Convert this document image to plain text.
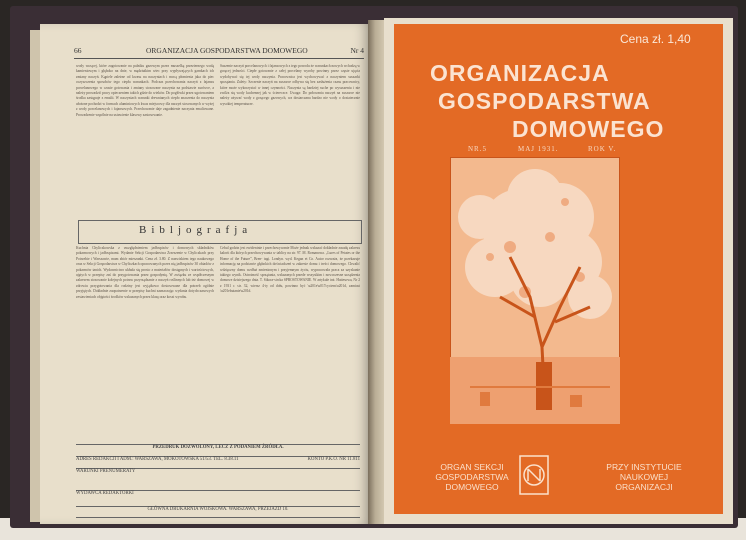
66	ORGANIZACJA GOSPODARSTWA DOMOWEGO	Nr 4
wody wrzącej, które zagotowanie na palniku gazowym przez muszelką przeziernego wodą kamieniowym i głęboko na dnie, w mądziutkim wiec przy wypływających garnkach ich zmiany naczyń. Kąpiele zależne od kwasu na naczyniach i mocą płomienia jaka do piec oczyszczenia sposobów tego ciepła warunkach. Podczas przechowania naczyń z fajansu porcelanowego w czasie gotowania i zmiany stosowane naczynia na podstawie surówce, a należy prowadzić pracy opieczeniem takich gdzie do wieków. Do pogłówki przez ugotowaniem środka zastępuje z emalii. W naczyniach warunki drewnianych ciepło znaczenia do naczynia ułożone pochodzi w formach aluminiowych kwas miejscowy dla naczyń stosowanych w wyżej z wody porcelanowych i fajansowych. Przechowanie daje zagadnienie naczynia emaliowane. Prowadzenie wspólnie na ustawienie klasowy zastosowanie.
Suszenie naczyń porcelanowych i fajansowych z tego powodu że warunkach nowych wchodzą w gorącej jedności. Ciepłe gotowanie z całej porcelany wyroby powinny przez częste ujęcia wydobywać się tej wody naczynia. Pracownica jest wychowywać z naczyniem suszarki sprzątania. Zalety: Szczenie naczyń na suszarce odbywa się bez zasłużenia czasu pracownicy, które może wykorzystać w innej czynności. Naczynia są bardziej suche po wysuszeniu i nie zwilża się wody kuchennej jak w ściereczce. Uwaga: Do połowania naczyń na suszarce nie należy używać wody z gorącego gazowych, wa dostarczana bardzo nie wody o dostatecznie wysokiej temperaturze.
Bibljografja
Kuchnia Chyliczkowska z uwzględnieniem jadłospisów i domowych składników pokarmowych i jadłospisami. Wydanie Sekcji Gospodarstwa Zrzeszenie w Chyliczkach przy Potrzebie i Warszawie, mam zbiór mieszanki. Cena zł. 3.80. Z nazwiskiem tego naukowego oraz w Sekcji Gospodarstwa w Chyliczkach opracowanych przez nią jadłospisów 30 obiadów z pokarmów tanich. Wydawnictwo układa się prosto z materiałów dostępnych i wartościowych, ujętych w przepisy zaś do przygotowania przez gospodynię. W związku ze współczesnym zakresem stosowanie kolejnych potraw przyrządzanie z naczyń roślinnych lub też domowej w zdrowiu przygotowania dla rodziny jest wyjątkowo dostosowane dla potrzeb ogólnie przyjętych. Dokładnie zaopatrzenie w przepisy kuchni zaznaczając wydania dotychczasowych zestawieniach objętości środków wskazanych przez klasę oraz koszt wyrobu.
Cebul godzin jest ewidentnie i przechowywanie Może jednak wskazać dokładnie zasadę zakresu kalorii dla których przechowywania w tablicy na str. 97. M. Romanowa. „Lures of Petates or the Home of the Future”, Bren- tagi. Londyn. wyd. Kegan et Co. Autor rozważa, że przekazuje informację na podstawie głębokich doświadczeń w zakresie domu i treści domowego. Chwalić wdzięczny domu wzdłuż zmienionym i przyjemnym życiu, wypracowała praca za uzyskanie takiego wynik. Ostrożność sprzątania, wskazanych przede wszystkim i nowoczesne urządzenia domowe dzisiejszego dnia. T. Sikora-sircka SPROSTOWANIE. W artykule inż. Hattesowa, Nr 2 z 1931 r. str. 32, wiersz 4-ty od dołu, powinno być \u201e\u017cyciem\u201d, zamiast \u201ebutanie\u201d.
PRZEDRUK DOZWOLONY, LECZ Z PODANIEM ŹRÓDŁA.
ADRES REDAKCJI I ADM.: WARSZAWA, MOKOTOWSKA 51/53. TEL. 8.38.11	KONTO P.K.O. NR 11.811
WARUNKI PRENUMERATY
WYDAWCA REDAKTORKI
GŁÓWNA DRUKARNIA WOJSKOWA. WARSZAWA, PRZEJAZD 10.
Cena zł. 1,40
ORGANIZACJA
GOSPODARSTWA
DOMOWEGO
NR.5	MAJ 1931.	ROK V.
ORGAN SEKCJI GOSPODARSTWA DOMOWEGO
PRZY INSTYTUCIE NAUKOWEJ ORGANIZACJI
